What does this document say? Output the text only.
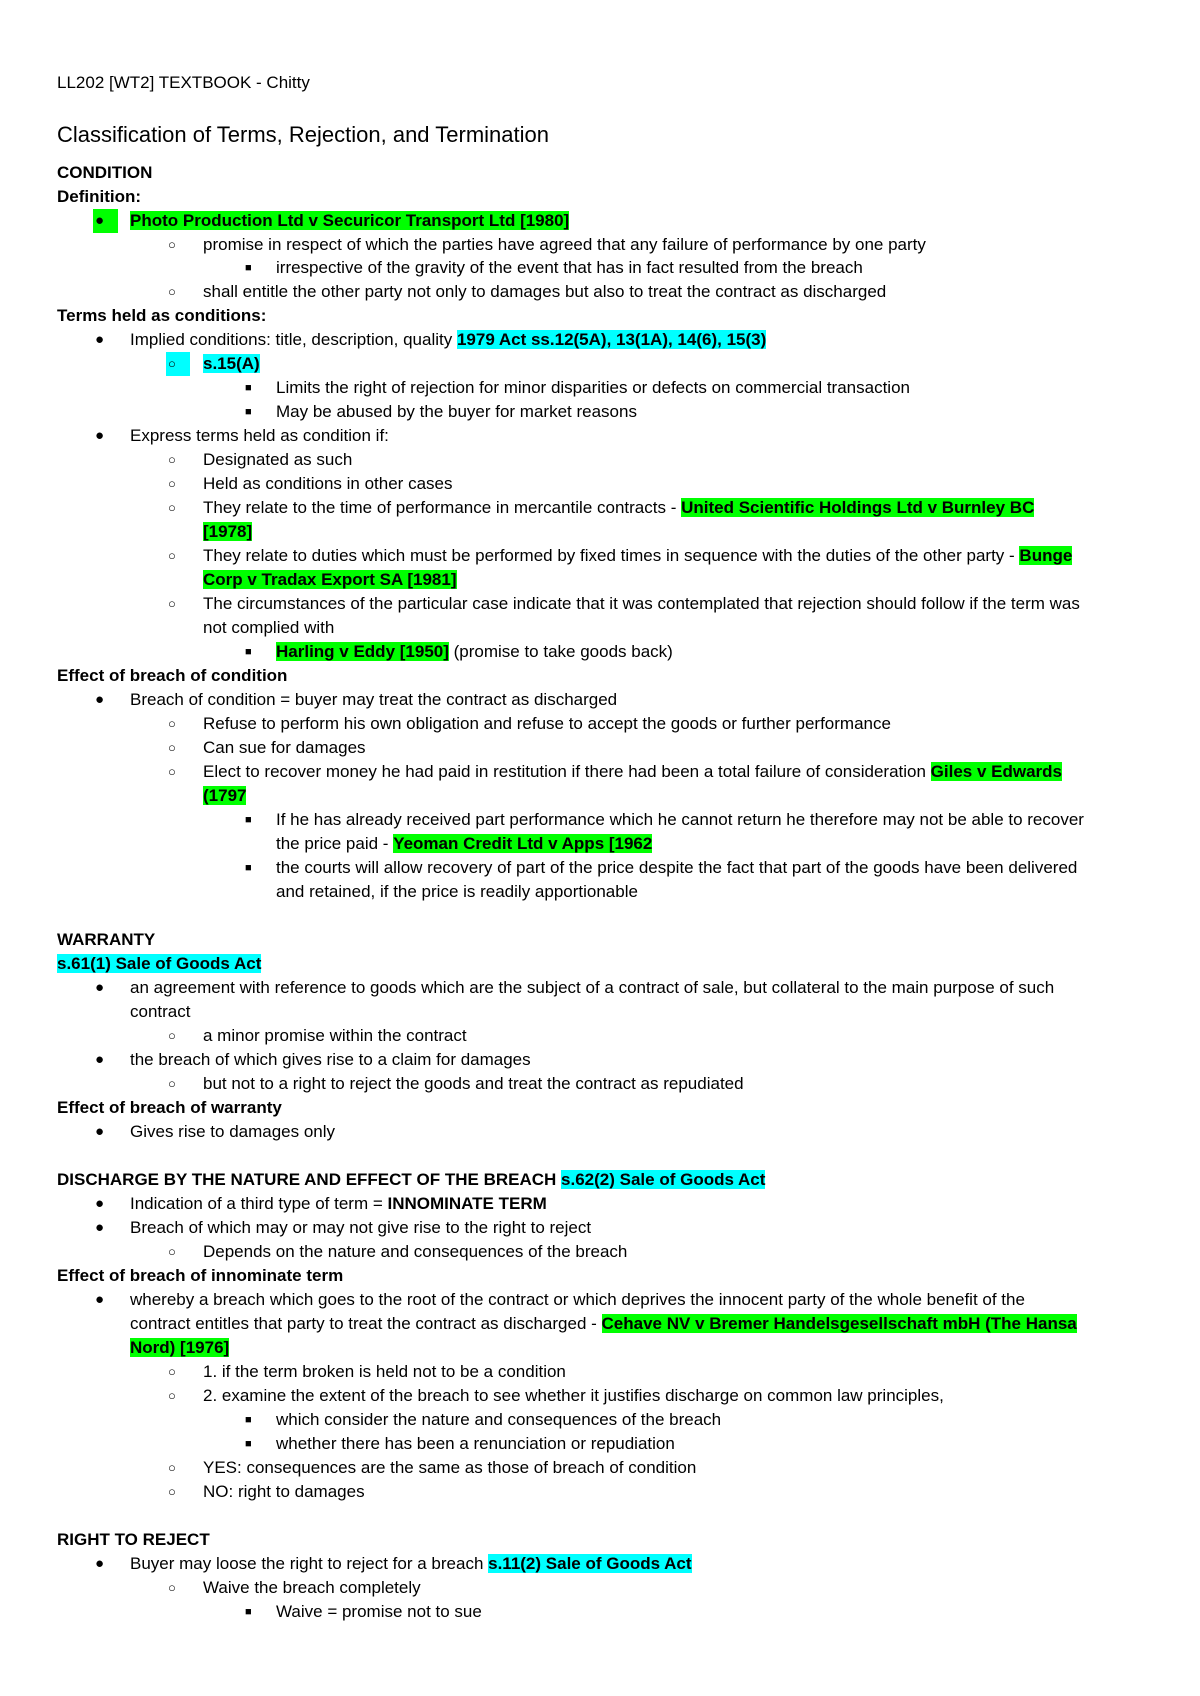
LL202 [WT2] TEXTBOOK - Chitty
Classification of Terms, Rejection, and Termination
CONDITION
Definition:
●	Photo Production Ltd v Securicor Transport Ltd [1980]
○ promise in respect of which the parties have agreed that any failure of performance by one party
■ irrespective of the gravity of the event that has in fact resulted from the breach
○ shall entitle the other party not only to damages but also to treat the contract as discharged
Terms held as conditions:
● Implied conditions: title, description, quality 1979 Act ss.12(5A), 13(1A), 14(6), 15(3)
○	s.15(A)
■ Limits the right of rejection for minor disparities or defects on commercial transaction
■ May be abused by the buyer for market reasons
● Express terms held as condition if:
○ Designated as such
○ Held as conditions in other cases
○ They relate to the time of performance in mercantile contracts - United Scientific Holdings Ltd v Burnley BC
[1978]
○ They relate to duties which must be performed by fixed times in sequence with the duties of the other party - Bunge
Corp v Tradax Export SA [1981]
○ The circumstances of the particular case indicate that it was contemplated that rejection should follow if the term was
not complied with
■ Harling v Eddy [1950] (promise to take goods back)
Effect of breach of condition
● Breach of condition = buyer may treat the contract as discharged
○ Refuse to perform his own obligation and refuse to accept the goods or further performance
○ Can sue for damages
○ Elect to recover money he had paid in restitution if there had been a total failure of consideration Giles v Edwards
(1797
■ If he has already received part performance which he cannot return he therefore may not be able to recover
the price paid - Yeoman Credit Ltd v Apps [1962
■ the courts will allow recovery of part of the price despite the fact that part of the goods have been delivered
and retained, if the price is readily apportionable
WARRANTY
s.61(1) Sale of Goods Act
● an agreement with reference to goods which are the subject of a contract of sale, but collateral to the main purpose of such
contract
○ a minor promise within the contract
● the breach of which gives rise to a claim for damages
○ but not to a right to reject the goods and treat the contract as repudiated
Effect of breach of warranty
● Gives rise to damages only
DISCHARGE BY THE NATURE AND EFFECT OF THE BREACH s.62(2) Sale of Goods Act
● Indication of a third type of term = INNOMINATE TERM
● Breach of which may or may not give rise to the right to reject
○ Depends on the nature and consequences of the breach
Effect of breach of innominate term
● whereby a breach which goes to the root of the contract or which deprives the innocent party of the whole benefit of the
contract entitles that party to treat the contract as discharged - Cehave NV v Bremer Handelsgesellschaft mbH (The Hansa
Nord) [1976]
○ 1. if the term broken is held not to be a condition
○ 2. examine the extent of the breach to see whether it justifies discharge on common law principles,
■ which consider the nature and consequences of the breach
■ whether there has been a renunciation or repudiation
○ YES: consequences are the same as those of breach of condition
○ NO: right to damages
RIGHT TO REJECT
● Buyer may loose the right to reject for a breach s.11(2) Sale of Goods Act
○ Waive the breach completely
■ Waive = promise not to sue
